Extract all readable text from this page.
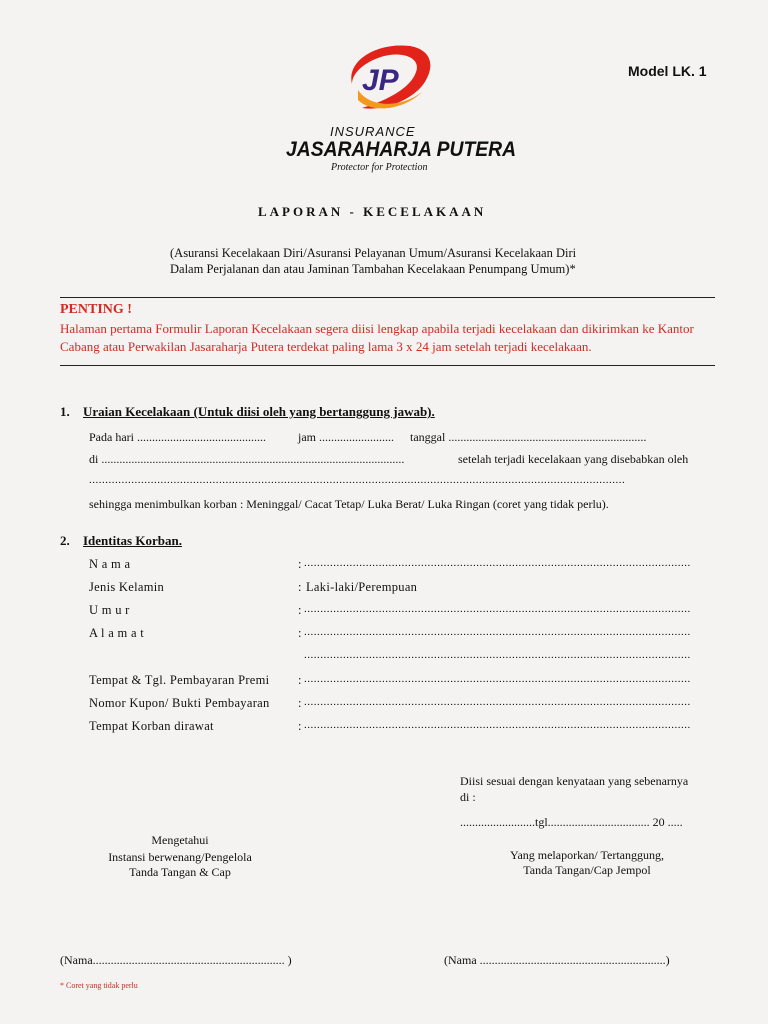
JP
INSURANCE
JASARAHARJA PUTERA
Protector for Protection
Model LK. 1
LAPORAN - KECELAKAAN
(Asuransi Kecelakaan Diri/Asuransi Pelayanan Umum/Asuransi Kecelakaan Diri
Dalam Perjalanan dan atau Jaminan Tambahan Kecelakaan Penumpang Umum)*
PENTING !
Halaman pertama Formulir Laporan Kecelakaan segera diisi lengkap apabila terjadi kecelakaan dan dikirimkan ke Kantor Cabang atau Perwakilan Jasaraharja Putera terdekat paling lama 3 x 24 jam setelah terjadi kecelakaan.
1. Uraian Kecelakaan (Untuk diisi oleh yang bertanggung jawab).
Pada hari ...........................................	jam ......................... tanggal ..................................................................
di .....................................................................................................	setelah terjadi kecelakaan yang disebabkan oleh
.....................................................................................................................................................................
sehingga menimbulkan korban : Meninggal/ Cacat Tetap/ Luka Berat/ Luka Ringan (coret yang tidak perlu).
2. Identitas Korban.
N a m a	: .......................................................................................................................
Jenis Kelamin	: Laki-laki/Perempuan
U m u r	: .......................................................................................................................
A l a m a t	: .......................................................................................................................
.......................................................................................................................
Tempat & Tgl. Pembayaran Premi : .......................................................................................................................
Nomor Kupon/ Bukti Pembayaran : .......................................................................................................................
Tempat Korban dirawat	: .......................................................................................................................
Diisi sesuai dengan kenyataan yang sebenarnya
di :
.........................tgl.................................. 20 .....
Mengetahui
Instansi berwenang/Pengelola
Tanda Tangan & Cap
Yang melaporkan/ Tertanggung,
Tanda Tangan/Cap Jempol
(Nama................................................................ )	(Nama ..............................................................)
* Coret yang tidak perlu
